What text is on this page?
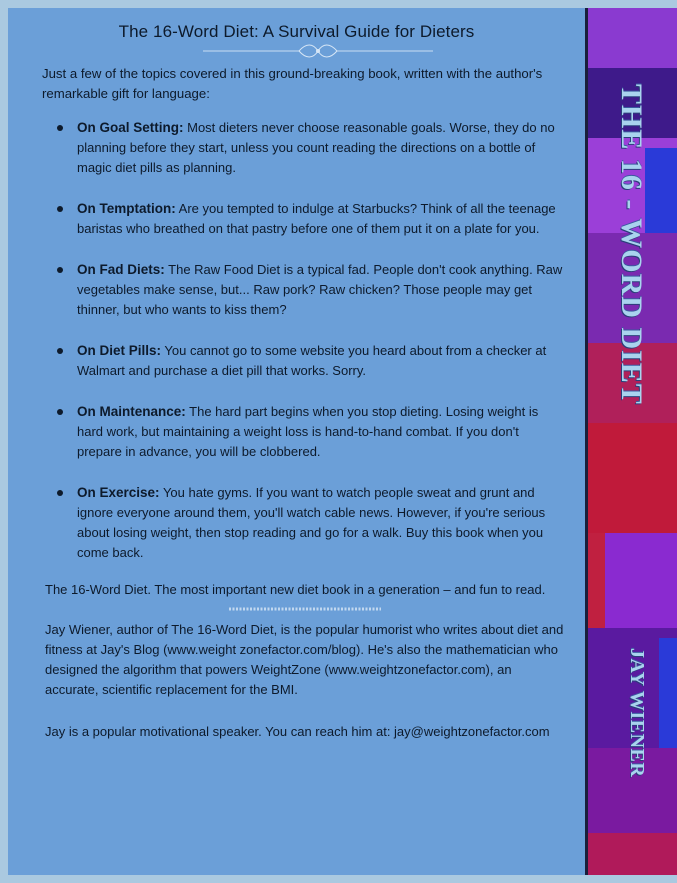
The 16-Word Diet: A Survival Guide for Dieters
Just a few of the topics covered in this ground-breaking book, written with the author's remarkable gift for language:
On Goal Setting: Most dieters never choose reasonable goals. Worse, they do no planning before they start, unless you count reading the directions on a bottle of magic diet pills as planning.
On Temptation: Are you tempted to indulge at Starbucks? Think of all the teenage baristas who breathed on that pastry before one of them put it on a plate for you.
On Fad Diets: The Raw Food Diet is a typical fad. People don't cook anything. Raw vegetables make sense, but... Raw pork? Raw chicken? Those people may get thinner, but who wants to kiss them?
On Diet Pills: You cannot go to some website you heard about from a checker at Walmart and purchase a diet pill that works. Sorry.
On Maintenance: The hard part begins when you stop dieting. Losing weight is hard work, but maintaining a weight loss is hand-to-hand combat. If you don't prepare in advance, you will be clobbered.
On Exercise: You hate gyms. If you want to watch people sweat and grunt and ignore everyone around them, you'll watch cable news. However, if you're serious about losing weight, then stop reading and go for a walk. Buy this book when you come back.
The 16-Word Diet. The most important new diet book in a generation – and fun to read.
Jay Wiener, author of The 16-Word Diet, is the popular humorist who writes about diet and fitness at Jay's Blog (www.weight zonefactor.com/blog). He's also the mathematician who designed the algorithm that powers WeightZone (www.weightzonefactor.com), an accurate, scientific replacement for the BMI.
Jay is a popular motivational speaker. You can reach him at: jay@weightzonefactor.com
THE 16 - WORD DIET
JAY WIENER
